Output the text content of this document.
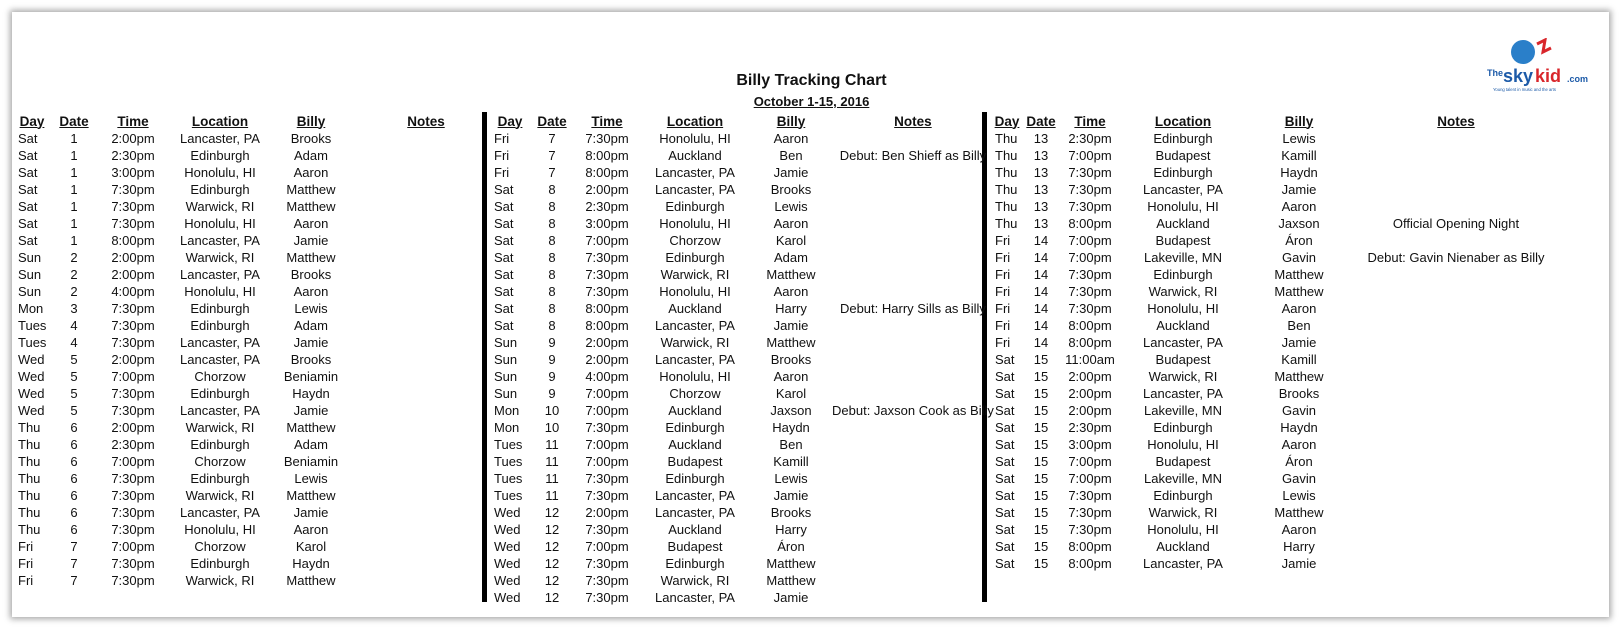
Billy Tracking Chart
October 1-15, 2016
The sky kid .com
Young talent in music and the arts
Day	Date	Time	Location	Billy	Notes
Sat	1	2:00pm	Lancaster, PA	Brooks	
Sat	1	2:30pm	Edinburgh	Adam	
Sat	1	3:00pm	Honolulu, HI	Aaron	
Sat	1	7:30pm	Edinburgh	Matthew	
Sat	1	7:30pm	Warwick, RI	Matthew	
Sat	1	7:30pm	Honolulu, HI	Aaron	
Sat	1	8:00pm	Lancaster, PA	Jamie	
Sun	2	2:00pm	Warwick, RI	Matthew	
Sun	2	2:00pm	Lancaster, PA	Brooks	
Sun	2	4:00pm	Honolulu, HI	Aaron	
Mon	3	7:30pm	Edinburgh	Lewis	
Tues	4	7:30pm	Edinburgh	Adam	
Tues	4	7:30pm	Lancaster, PA	Jamie	
Wed	5	2:00pm	Lancaster, PA	Brooks	
Wed	5	7:00pm	Chorzow	Beniamin	
Wed	5	7:30pm	Edinburgh	Haydn	
Wed	5	7:30pm	Lancaster, PA	Jamie	
Thu	6	2:00pm	Warwick, RI	Matthew	
Thu	6	2:30pm	Edinburgh	Adam	
Thu	6	7:00pm	Chorzow	Beniamin	
Thu	6	7:30pm	Edinburgh	Lewis	
Thu	6	7:30pm	Warwick, RI	Matthew	
Thu	6	7:30pm	Lancaster, PA	Jamie	
Thu	6	7:30pm	Honolulu, HI	Aaron	
Fri	7	7:00pm	Chorzow	Karol	
Fri	7	7:30pm	Edinburgh	Haydn	
Fri	7	7:30pm	Warwick, RI	Matthew	
Day	Date	Time	Location	Billy	Notes
Fri	7	7:30pm	Honolulu, HI	Aaron	
Fri	7	8:00pm	Auckland	Ben	Debut: Ben Shieff as Billy
Fri	7	8:00pm	Lancaster, PA	Jamie	
Sat	8	2:00pm	Lancaster, PA	Brooks	
Sat	8	2:30pm	Edinburgh	Lewis	
Sat	8	3:00pm	Honolulu, HI	Aaron	
Sat	8	7:00pm	Chorzow	Karol	
Sat	8	7:30pm	Edinburgh	Adam	
Sat	8	7:30pm	Warwick, RI	Matthew	
Sat	8	7:30pm	Honolulu, HI	Aaron	
Sat	8	8:00pm	Auckland	Harry	Debut: Harry Sills as Billy
Sat	8	8:00pm	Lancaster, PA	Jamie	
Sun	9	2:00pm	Warwick, RI	Matthew	
Sun	9	2:00pm	Lancaster, PA	Brooks	
Sun	9	4:00pm	Honolulu, HI	Aaron	
Sun	9	7:00pm	Chorzow	Karol	
Mon	10	7:00pm	Auckland	Jaxson	Debut: Jaxson Cook as Billy
Mon	10	7:30pm	Edinburgh	Haydn	
Tues	11	7:00pm	Auckland	Ben	
Tues	11	7:00pm	Budapest	Kamill	
Tues	11	7:30pm	Edinburgh	Lewis	
Tues	11	7:30pm	Lancaster, PA	Jamie	
Wed	12	2:00pm	Lancaster, PA	Brooks	
Wed	12	7:30pm	Auckland	Harry	
Wed	12	7:00pm	Budapest	Áron	
Wed	12	7:30pm	Edinburgh	Matthew	
Wed	12	7:30pm	Warwick, RI	Matthew	
Wed	12	7:30pm	Lancaster, PA	Jamie	
Day	Date	Time	Location	Billy	Notes
Thu	13	2:30pm	Edinburgh	Lewis	
Thu	13	7:00pm	Budapest	Kamill	
Thu	13	7:30pm	Edinburgh	Haydn	
Thu	13	7:30pm	Lancaster, PA	Jamie	
Thu	13	7:30pm	Honolulu, HI	Aaron	
Thu	13	8:00pm	Auckland	Jaxson	Official Opening Night
Fri	14	7:00pm	Budapest	Áron	
Fri	14	7:00pm	Lakeville, MN	Gavin	Debut: Gavin Nienaber as Billy
Fri	14	7:30pm	Edinburgh	Matthew	
Fri	14	7:30pm	Warwick, RI	Matthew	
Fri	14	7:30pm	Honolulu, HI	Aaron	
Fri	14	8:00pm	Auckland	Ben	
Fri	14	8:00pm	Lancaster, PA	Jamie	
Sat	15	11:00am	Budapest	Kamill	
Sat	15	2:00pm	Warwick, RI	Matthew	
Sat	15	2:00pm	Lancaster, PA	Brooks	
Sat	15	2:00pm	Lakeville, MN	Gavin	
Sat	15	2:30pm	Edinburgh	Haydn	
Sat	15	3:00pm	Honolulu, HI	Aaron	
Sat	15	7:00pm	Budapest	Áron	
Sat	15	7:00pm	Lakeville, MN	Gavin	
Sat	15	7:30pm	Edinburgh	Lewis	
Sat	15	7:30pm	Warwick, RI	Matthew	
Sat	15	7:30pm	Honolulu, HI	Aaron	
Sat	15	8:00pm	Auckland	Harry	
Sat	15	8:00pm	Lancaster, PA	Jamie	
